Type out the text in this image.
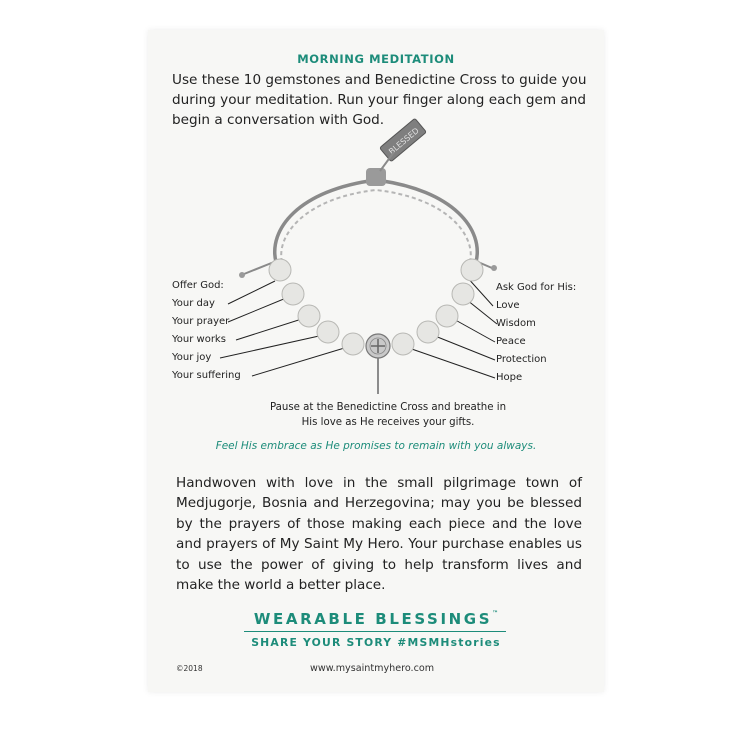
MORNING MEDITATION
Use these 10 gemstones and Benedictine Cross to guide you during your meditation. Run your finger along each gem and begin a conversation with God.
BLESSED
Offer God:
Your day
Your prayer
Your works
Your joy
Your suffering
Ask God for His:
Love
Wisdom
Peace
Protection
Hope
Pause at the Benedictine Cross and breathe in
His love as He receives your gifts.
Feel His embrace as He promises to remain with you always.
Handwoven with love in the small pilgrimage town of Medjugorje, Bosnia and Herzegovina; may you be blessed by the prayers of those making each piece and the love and prayers of My Saint My Hero. Your purchase enables us to use the power of giving to help transform lives and make the world a better place.
WEARABLE BLESSINGS™
SHARE YOUR STORY #MSMHstories
©2018	www.mysaintmyhero.com
